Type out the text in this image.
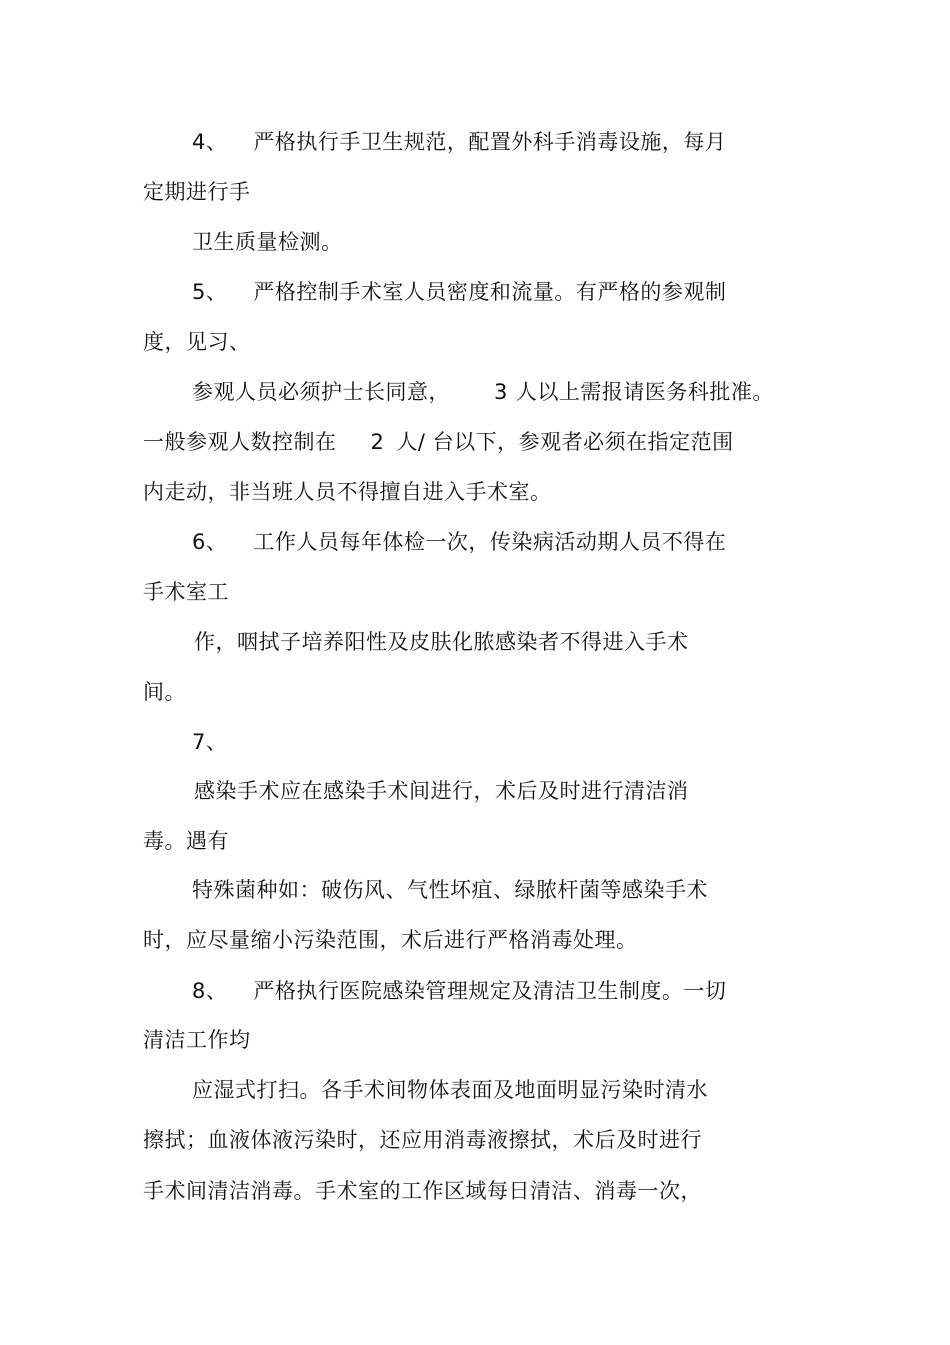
4、 严格执行手卫生规范，配置外科手消毒设施，每月
定期进行手
卫生质量检测。
5、 严格控制手术室人员密度和流量。有严格的参观制
度，见习、
参观人员必须护士长同意， 3 人以上需报请医务科批准。
一般参观人数控制在 2 人/ 台以下，参观者必须在指定范围
内走动，非当班人员不得擅自进入手术室。
6、 工作人员每年体检一次，传染病活动期人员不得在
手术室工
作，咽拭子培养阳性及皮肤化脓感染者不得进入手术
间。
7、
感染手术应在感染手术间进行，术后及时进行清洁消
毒。遇有
特殊菌种如：破伤风、气性坏疽、绿脓杆菌等感染手术
时，应尽量缩小污染范围，术后进行严格消毒处理。
8、 严格执行医院感染管理规定及清洁卫生制度。一切
清洁工作均
应湿式打扫。各手术间物体表面及地面明显污染时清水
擦拭；血液体液污染时，还应用消毒液擦拭，术后及时进行
手术间清洁消毒。手术室的工作区域每日清洁、消毒一次，
